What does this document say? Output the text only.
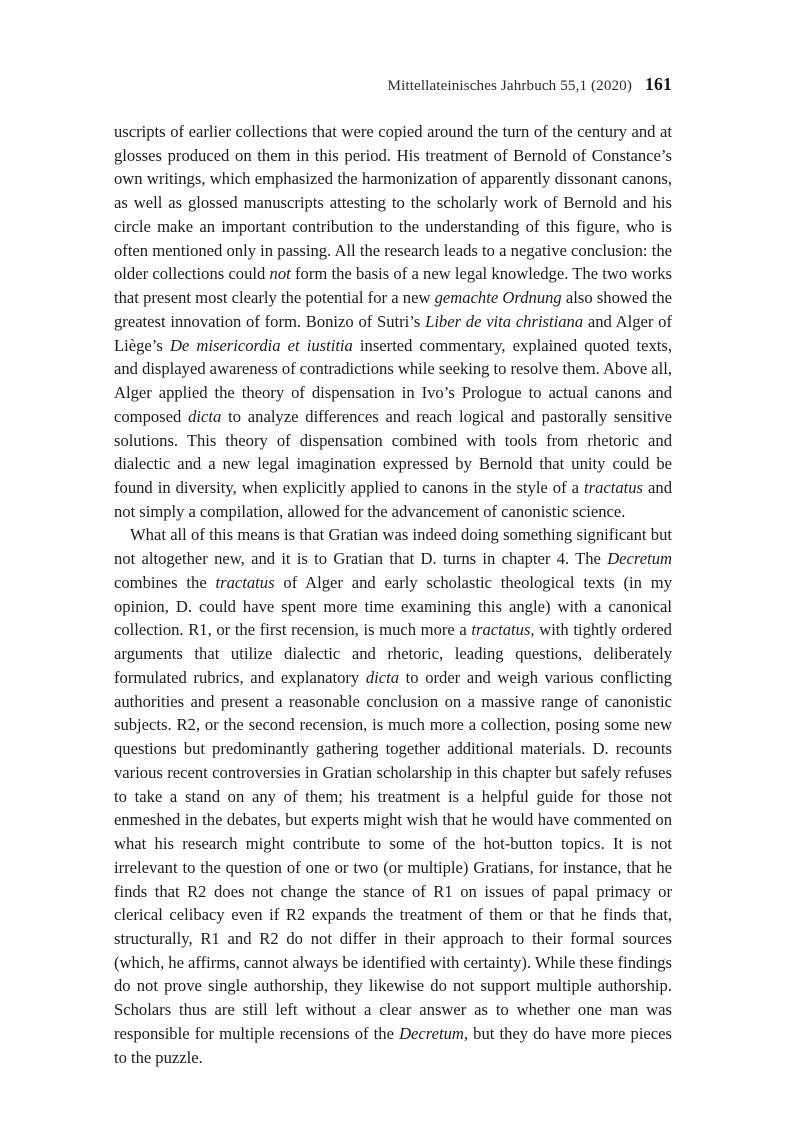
Mittellateinisches Jahrbuch 55,1 (2020) 161

uscripts of earlier collections that were copied around the turn of the century and at glosses produced on them in this period. His treatment of Bernold of Constance’s own writings, which emphasized the harmonization of apparently dissonant canons, as well as glossed manuscripts attesting to the scholarly work of Bernold and his circle make an important contribution to the understanding of this figure, who is often mentioned only in passing. All the research leads to a negative conclusion: the older collections could not form the basis of a new legal knowledge. The two works that present most clearly the potential for a new gemachte Ordnung also showed the greatest innovation of form. Bonizo of Sutri’s Liber de vita christiana and Alger of Liège’s De misericordia et iustitia inserted commentary, explained quoted texts, and displayed awareness of contradictions while seeking to resolve them. Above all, Alger applied the theory of dispensation in Ivo’s Prologue to actual canons and composed dicta to analyze differences and reach logical and pastorally sensitive solutions. This theory of dispensation combined with tools from rhetoric and dialectic and a new legal imagination expressed by Bernold that unity could be found in diversity, when explicitly applied to canons in the style of a tractatus and not simply a compilation, allowed for the advancement of canonistic science.

What all of this means is that Gratian was indeed doing something significant but not altogether new, and it is to Gratian that D. turns in chapter 4. The Decretum combines the tractatus of Alger and early scholastic theological texts (in my opinion, D. could have spent more time examining this angle) with a canonical collection. R1, or the first recension, is much more a tractatus, with tightly ordered arguments that utilize dialectic and rhetoric, leading questions, deliberately formulated rubrics, and explanatory dicta to order and weigh various conflicting authorities and present a reasonable conclusion on a massive range of canonistic subjects. R2, or the second recension, is much more a collection, posing some new questions but predominantly gathering together additional materials. D. recounts various recent controversies in Gratian scholarship in this chapter but safely refuses to take a stand on any of them; his treatment is a helpful guide for those not enmeshed in the debates, but experts might wish that he would have commented on what his research might contribute to some of the hot-button topics. It is not irrelevant to the question of one or two (or multiple) Gratians, for instance, that he finds that R2 does not change the stance of R1 on issues of papal primacy or clerical celibacy even if R2 expands the treatment of them or that he finds that, structurally, R1 and R2 do not differ in their approach to their formal sources (which, he affirms, cannot always be identified with certainty). While these findings do not prove single authorship, they likewise do not support multiple authorship. Scholars thus are still left without a clear answer as to whether one man was responsible for multiple recensions of the Decretum, but they do have more pieces to the puzzle.
